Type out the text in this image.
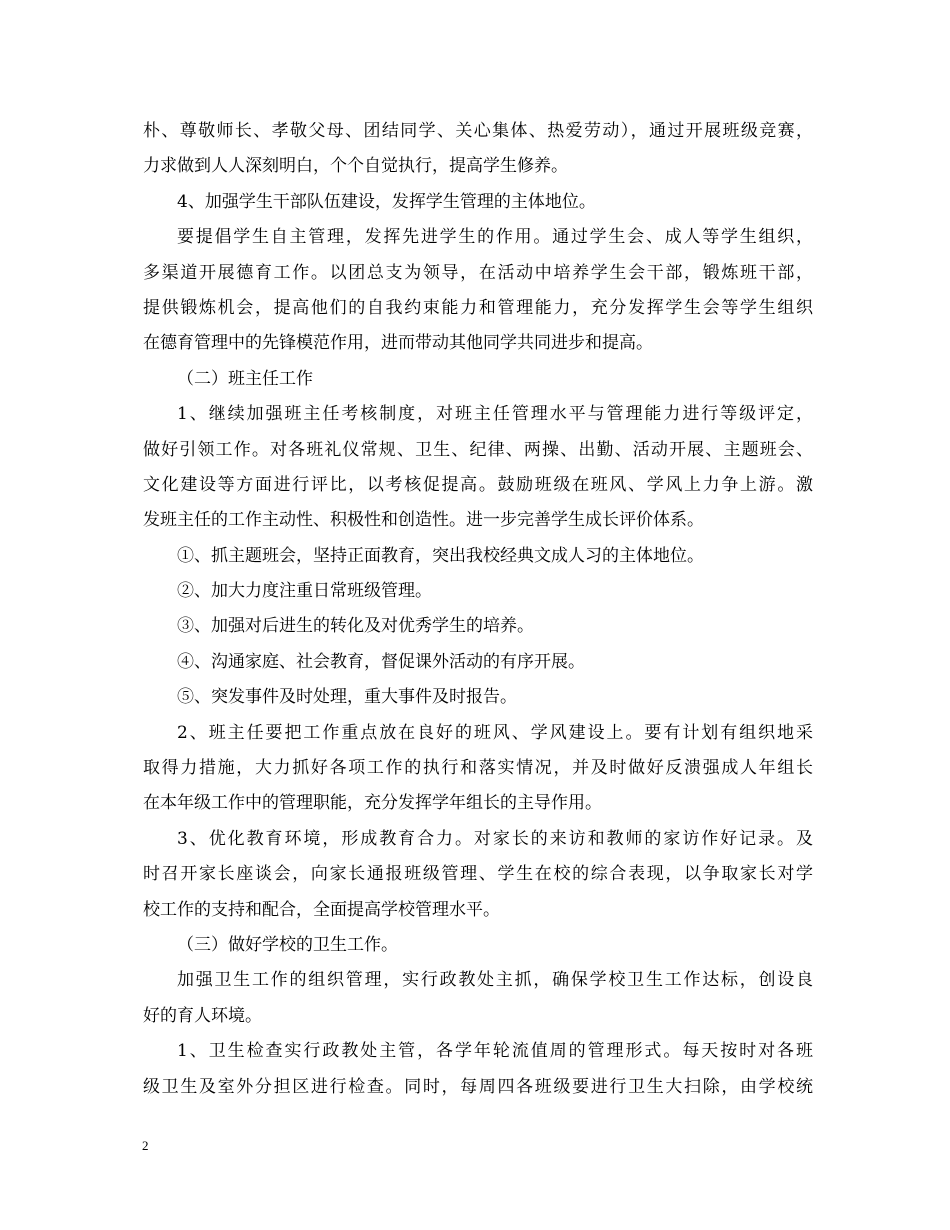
朴、尊敬师长、孝敬父母、团结同学、关心集体、热爱劳动），通过开展班级竞赛，
力求做到人人深刻明白，个个自觉执行，提高学生修养。
4、加强学生干部队伍建设，发挥学生管理的主体地位。
要提倡学生自主管理，发挥先进学生的作用。通过学生会、成人等学生组织，
多渠道开展德育工作。以团总支为领导，在活动中培养学生会干部，锻炼班干部，
提供锻炼机会，提高他们的自我约束能力和管理能力，充分发挥学生会等学生组织
在德育管理中的先锋模范作用，进而带动其他同学共同进步和提高。
（二）班主任工作
1、继续加强班主任考核制度，对班主任管理水平与管理能力进行等级评定，
做好引领工作。对各班礼仪常规、卫生、纪律、两操、出勤、活动开展、主题班会、
文化建设等方面进行评比，以考核促提高。鼓励班级在班风、学风上力争上游。激
发班主任的工作主动性、积极性和创造性。进一步完善学生成长评价体系。
①、抓主题班会，坚持正面教育，突出我校经典文成人习的主体地位。
②、加大力度注重日常班级管理。
③、加强对后进生的转化及对优秀学生的培养。
④、沟通家庭、社会教育，督促课外活动的有序开展。
⑤、突发事件及时处理，重大事件及时报告。
2、班主任要把工作重点放在良好的班风、学风建设上。要有计划有组织地采
取得力措施，大力抓好各项工作的执行和落实情况，并及时做好反溃强成人年组长
在本年级工作中的管理职能，充分发挥学年组长的主导作用。
3、优化教育环境，形成教育合力。对家长的来访和教师的家访作好记录。及
时召开家长座谈会，向家长通报班级管理、学生在校的综合表现，以争取家长对学
校工作的支持和配合，全面提高学校管理水平。
（三）做好学校的卫生工作。
加强卫生工作的组织管理，实行政教处主抓，确保学校卫生工作达标，创设良
好的育人环境。
1、卫生检查实行政教处主管，各学年轮流值周的管理形式。每天按时对各班
级卫生及室外分担区进行检查。同时，每周四各班级要进行卫生大扫除，由学校统
2
